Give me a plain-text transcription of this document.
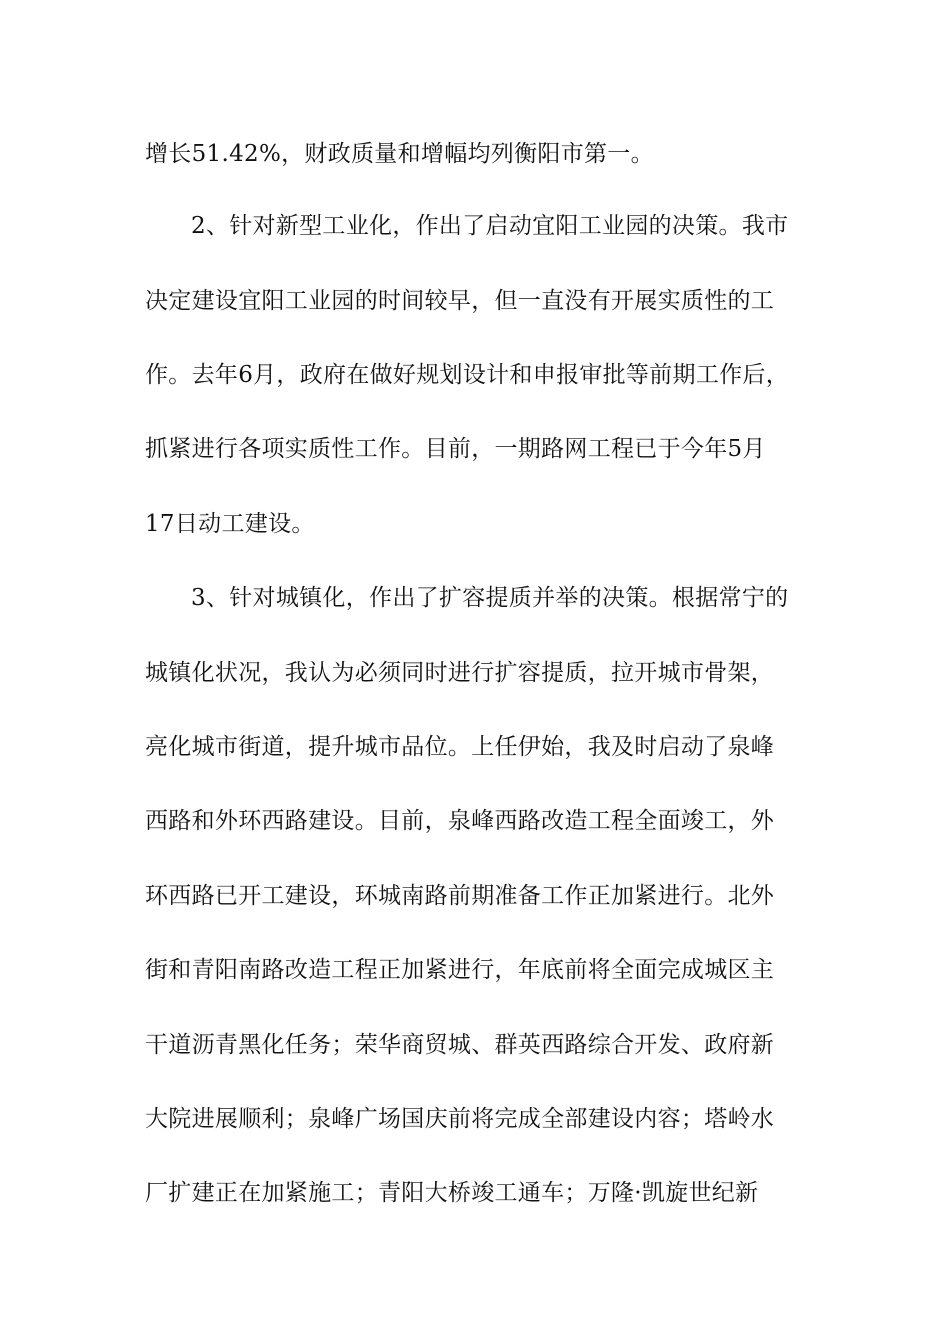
增长51.42%，财政质量和增幅均列衡阳市第一。
2、针对新型工业化，作出了启动宜阳工业园的决策。我市
决定建设宜阳工业园的时间较早，但一直没有开展实质性的工
作。去年6月，政府在做好规划设计和申报审批等前期工作后，
抓紧进行各项实质性工作。目前，一期路网工程已于今年5月
17日动工建设。
3、针对城镇化，作出了扩容提质并举的决策。根据常宁的
城镇化状况，我认为必须同时进行扩容提质，拉开城市骨架，
亮化城市街道，提升城市品位。上任伊始，我及时启动了泉峰
西路和外环西路建设。目前，泉峰西路改造工程全面竣工，外
环西路已开工建设，环城南路前期准备工作正加紧进行。北外
街和青阳南路改造工程正加紧进行，年底前将全面完成城区主
干道沥青黑化任务；荣华商贸城、群英西路综合开发、政府新
大院进展顺利；泉峰广场国庆前将完成全部建设内容；塔岭水
厂扩建正在加紧施工；青阳大桥竣工通车；万隆·凯旋世纪新
